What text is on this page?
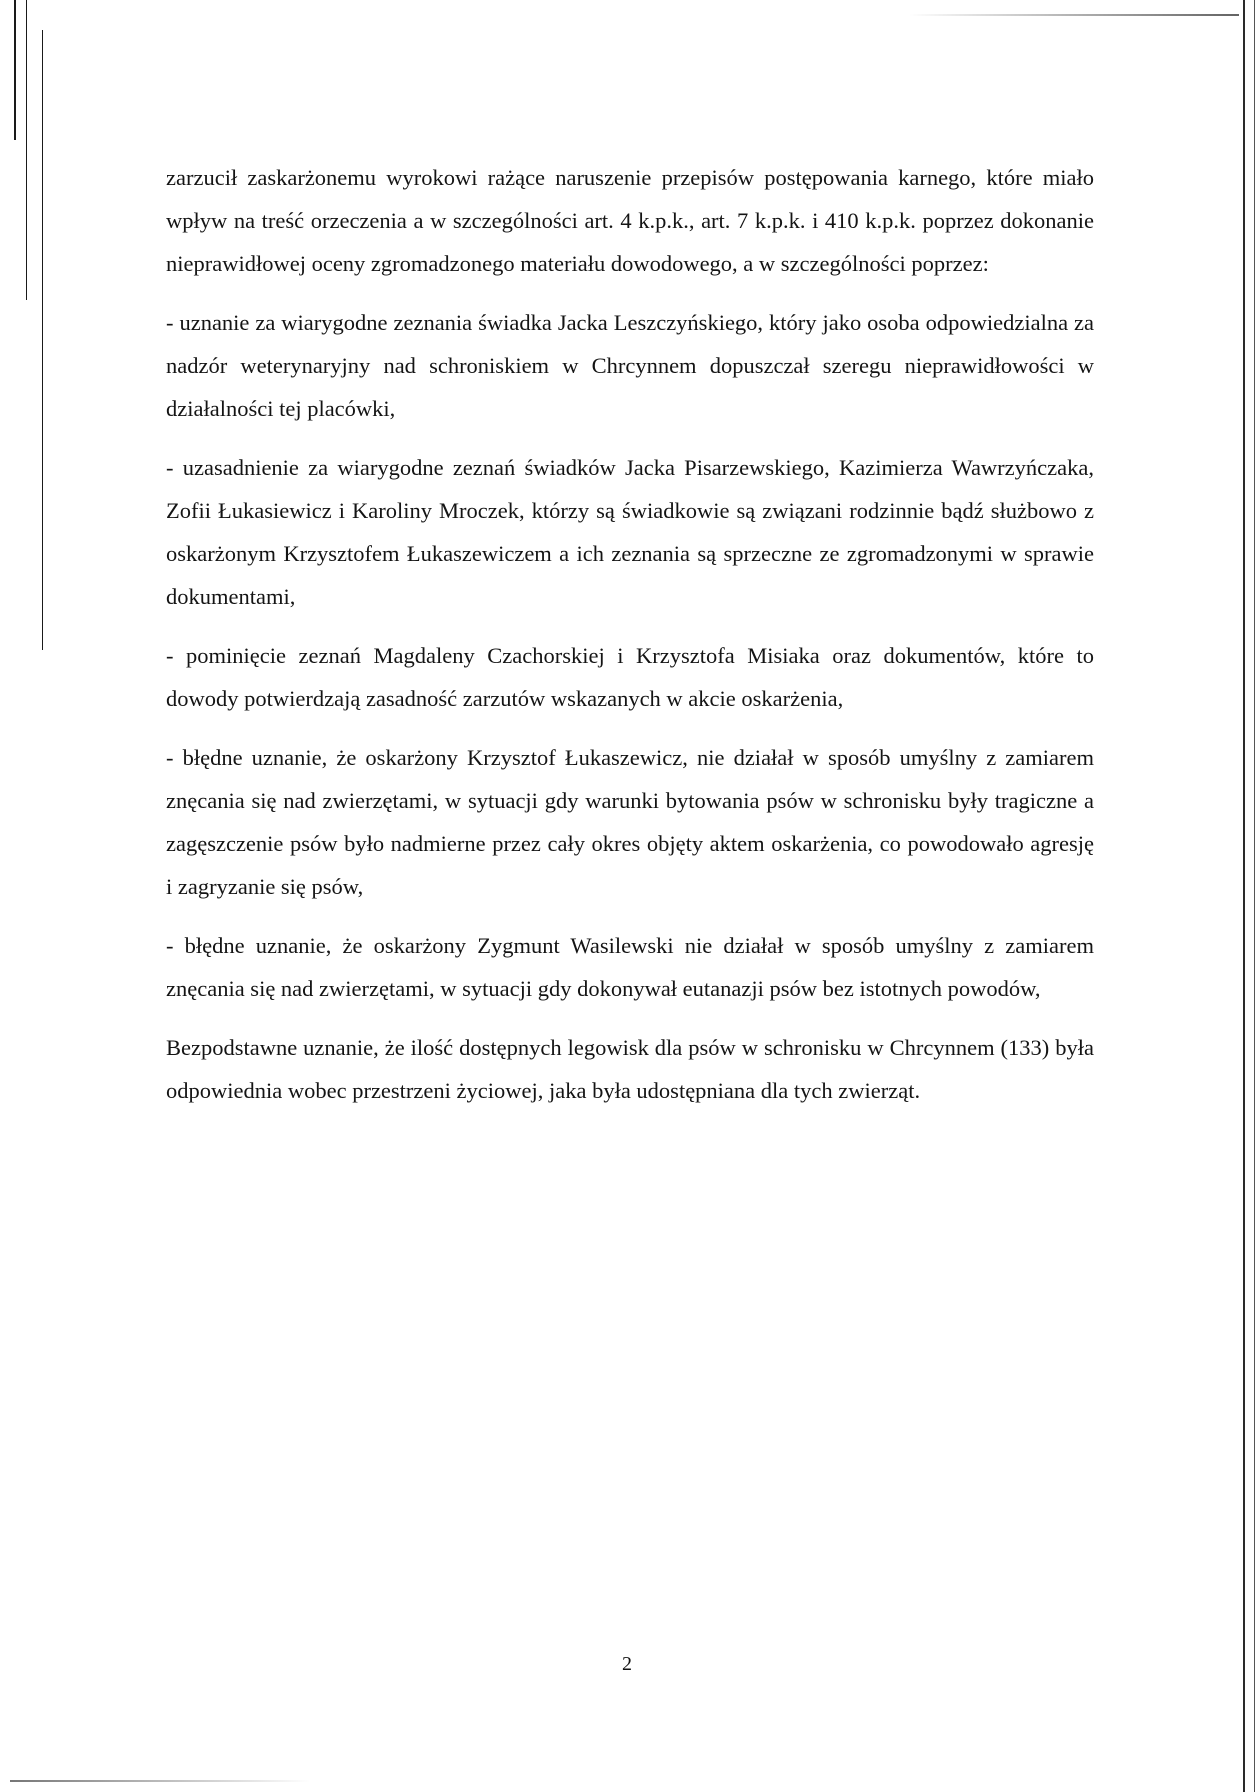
zarzucił zaskarżonemu wyrokowi rażące naruszenie przepisów postępowania karnego, które miało wpływ na treść orzeczenia a w szczególności art. 4 k.p.k., art. 7 k.p.k. i 410 k.p.k. poprzez dokonanie nieprawidłowej oceny zgromadzonego materiału dowodowego, a w szczególności poprzez:

- uznanie za wiarygodne zeznania świadka Jacka Leszczyńskiego, który jako osoba odpowiedzialna za nadzór weterynaryjny nad schroniskiem w Chrcynnem dopuszczał szeregu nieprawidłowości w działalności tej placówki,

- uzasadnienie za wiarygodne zeznań świadków Jacka Pisarzewskiego, Kazimierza Wawrzyńczaka, Zofii Łukasiewicz i Karoliny Mroczek, którzy są świadkowie są związani rodzinnie bądź służbowo z oskarżonym Krzysztofem Łukaszewiczem a ich zeznania są sprzeczne ze zgromadzonymi w sprawie dokumentami,

- pominięcie zeznań Magdaleny Czachorskiej i Krzysztofa Misiaka oraz dokumentów, które to dowody potwierdzają zasadność zarzutów wskazanych w akcie oskarżenia,

- błędne uznanie, że oskarżony Krzysztof Łukaszewicz, nie działał w sposób umyślny z zamiarem znęcania się nad zwierzętami, w sytuacji gdy warunki bytowania psów w schronisku były tragiczne a zagęszczenie psów było nadmierne przez cały okres objęty aktem oskarżenia, co powodowało agresję i zagryzanie się psów,

- błędne uznanie, że oskarżony Zygmunt Wasilewski nie działał w sposób umyślny z zamiarem znęcania się nad zwierzętami, w sytuacji gdy dokonywał eutanazji psów bez istotnych powodów,

Bezpodstawne uznanie, że ilość dostępnych legowisk dla psów w schronisku w Chrcynnem (133) była odpowiednia wobec przestrzeni życiowej, jaka była udostępniana dla tych zwierząt.

2
